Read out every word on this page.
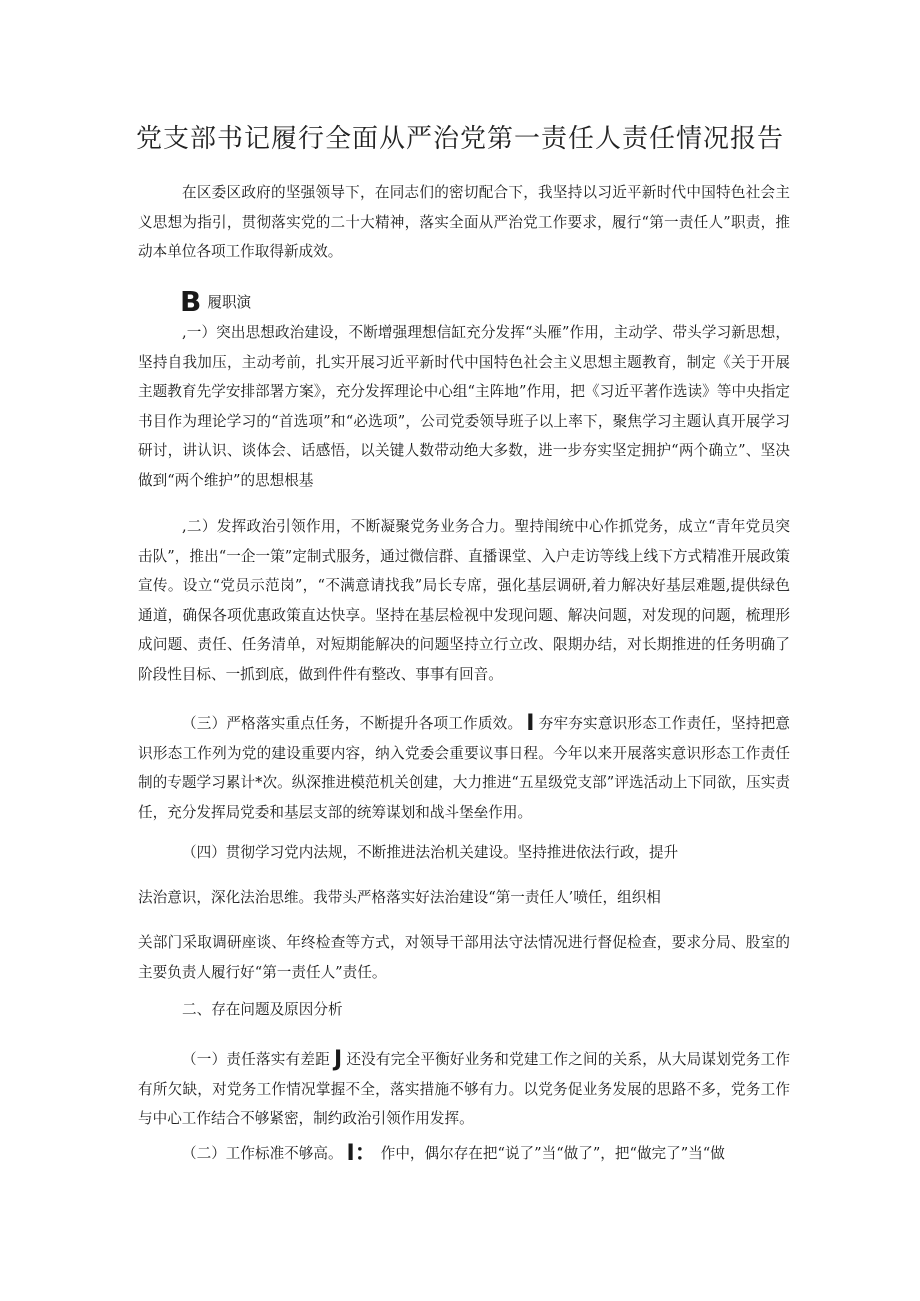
党支部书记履行全面从严治党第一责任人责任情况报告

在区委区政府的坚强领导下，在同志们的密切配合下，我坚持以习近平新时代中国特色社会主义思想为指引，贯彻落实党的二十大精神，落实全面从严治党工作要求，履行“第一责任人”职责，推动本单位各项工作取得新成效。

B履职演

,一）突出思想政治建设，不断增强理想信缸充分发挥“头雁”作用，主动学、带头学习新思想，坚持自我加压，主动考前，扎实开展习近平新时代中国特色社会主义思想主题教育，制定《关于开展主题教育先学安排部署方案》，充分发挥理论中心组“主阵地”作用，把《习近平著作选读》等中央指定书目作为理论学习的“首选项”和“必选项”，公司党委领导班子以上率下，聚焦学习主题认真开展学习研讨，讲认识、谈体会、话感悟，以关键人数带动绝大多数，进一步夯实坚定拥护“两个确立”、坚决做到“两个维护”的思想根基

,二）发挥政治引领作用，不断凝聚党务业务合力。聖持闱统中心作抓党务，成立“青年党员突击队”，推出“一企一策”定制式服务，通过微信群、直播课堂、入户走访等线上线下方式精准开展政策宣传。设立“党员示范岗”，“不满意请找我”局长专席，强化基层调研,着力解决好基层难题,提供绿色通道，确保各项优惠政策直达快享。坚持在基层检视中发现问题、解决问题，对发现的问题，梳理形成问题、责任、任务清单，对短期能解决的问题坚持立行立改、限期办结，对长期推进的任务明确了阶段性目标、一抓到底，做到件件有整改、事事有回音。

（三）严格落实重点任务，不断提升各项工作质效。 I 夯牢夯实意识形态工作责任，坚持把意识形态工作列为党的建设重要内容，纳入党委会重要议事日程。今年以来开展落实意识形态工作责任制的专题学习累计*次。纵深推进模范机关创建，大力推进“五星级党支部”评选活动上下同欲，压实责任，充分发挥局党委和基层支部的统筹谋划和战斗堡垒作用。

（四）贯彻学习党内法规，不断推进法治机关建设。坚持推进依法行政，提升

法治意识，深化法治思维。我带头严格落实好法治建设“第一责任人’喷任，组织相

关部门采取调研座谈、年终检查等方式，对领导干部用法守法情况进行督促检查，要求分局、股室的主要负责人履行好“第一责任人”责任。

二、存在问题及原因分析

（一）责任落实有差距 J 还没有完全平衡好业务和党建工作之间的关系，从大局谋划党务工作有所欠缺，对党务工作情况掌握不全，落实措施不够有力。以党务促业务发展的思路不多，党务工作与中心工作结合不够紧密，制约政治引领作用发挥。

（二）工作标准不够高。 I： 作中，偶尔存在把“说了”当“做了”，把“做完了”当“做
